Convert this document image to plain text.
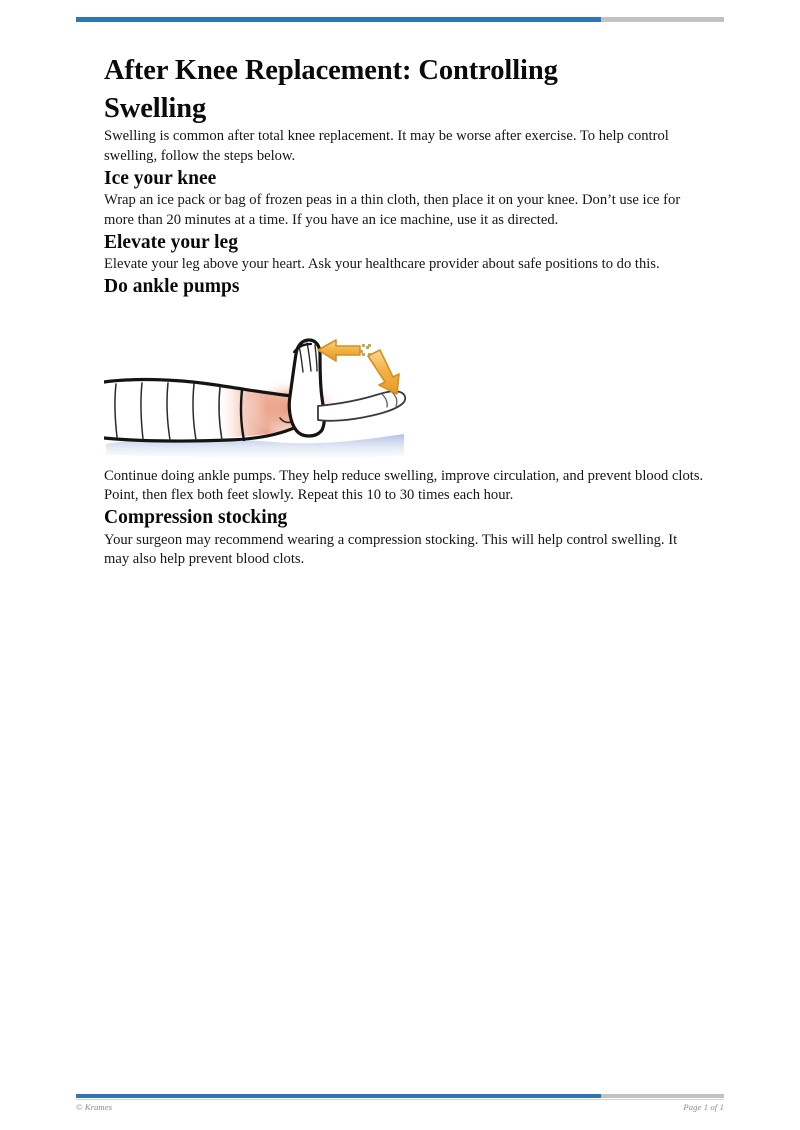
After Knee Replacement: Controlling Swelling

Swelling is common after total knee replacement. It may be worse after exercise. To help control swelling, follow the steps below.

Ice your knee

Wrap an ice pack or bag of frozen peas in a thin cloth, then place it on your knee. Don’t use ice for more than 20 minutes at a time. If you have an ice machine, use it as directed.

Elevate your leg

Elevate your leg above your heart. Ask your healthcare provider about safe positions to do this.

Do ankle pumps

Continue doing ankle pumps. They help reduce swelling, improve circulation, and prevent blood clots. Point, then flex both feet slowly. Repeat this 10 to 30 times each hour.

Compression stocking

Your surgeon may recommend wearing a compression stocking. This will help control swelling. It may also help prevent blood clots.

© Krames	Page 1 of 1
